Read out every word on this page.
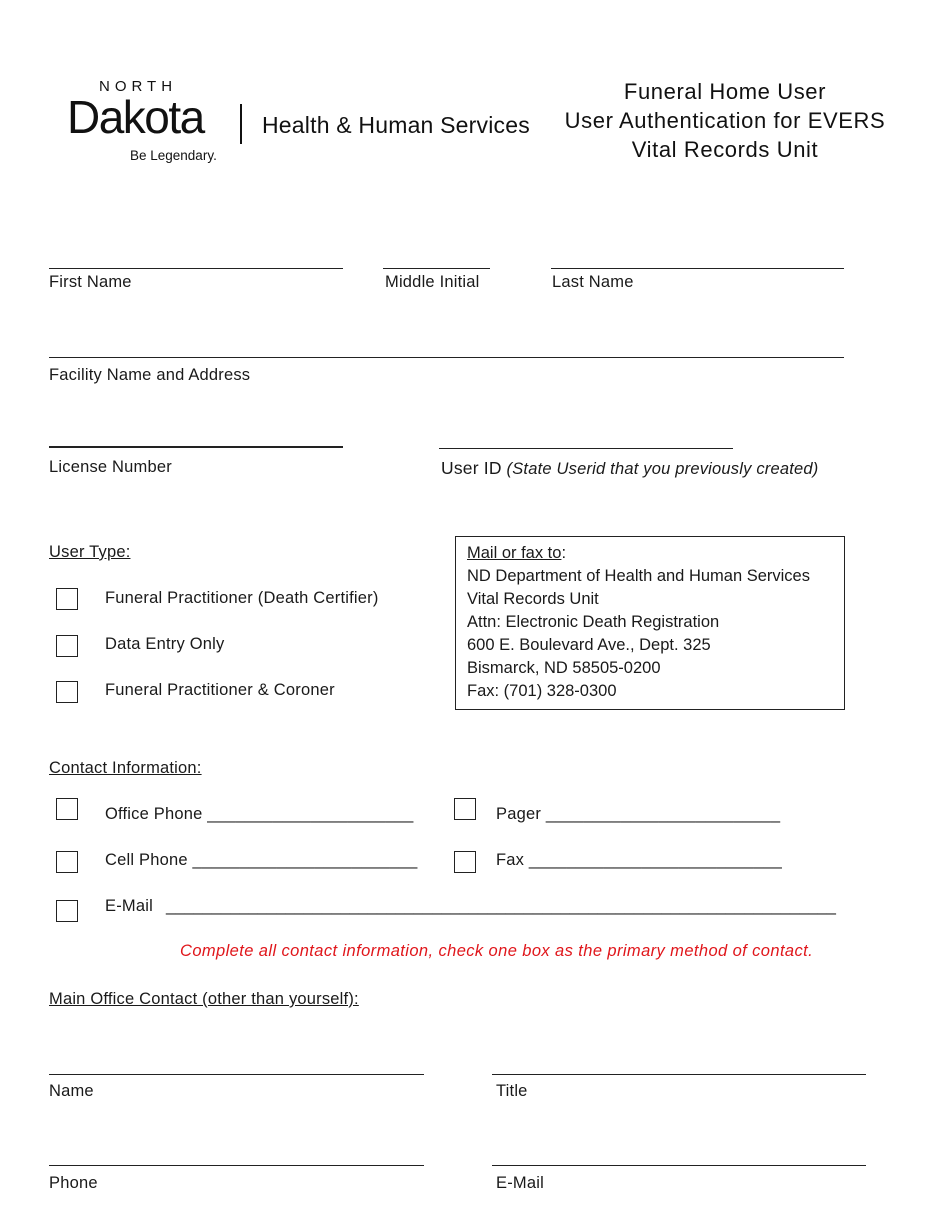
NORTH
Dakota
Be Legendary.
Health & Human Services
Funeral Home User
User Authentication for EVERS
Vital Records Unit
First Name	Middle Initial	Last Name
Facility Name and Address
License Number	User ID (State Userid that you previously created)
User Type:
Funeral Practitioner (Death Certifier)
Data Entry Only
Funeral Practitioner & Coroner
Mail or fax to:
ND Department of Health and Human Services
Vital Records Unit
Attn: Electronic Death Registration
600 E. Boulevard Ave., Dept. 325
Bismarck, ND 58505-0200
Fax: (701) 328-0300
Contact Information:
Office Phone ______________________	Pager _________________________
Cell Phone ________________________	Fax ___________________________
E-Mail _________________________________________________________________________
Complete all contact information, check one box as the primary method of contact.
Main Office Contact (other than yourself):
Name	Title
Phone	E-Mail
